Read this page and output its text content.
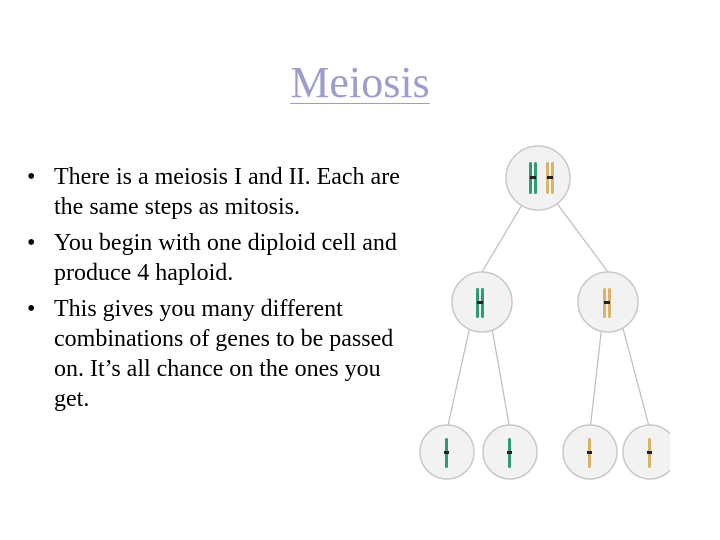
Meiosis
• There is a meiosis I and II. Each are the same steps as mitosis.
• You begin with one diploid cell and produce 4 haploid.
• This gives you many different combinations of genes to be passed on. It’s all chance on the ones you get.
